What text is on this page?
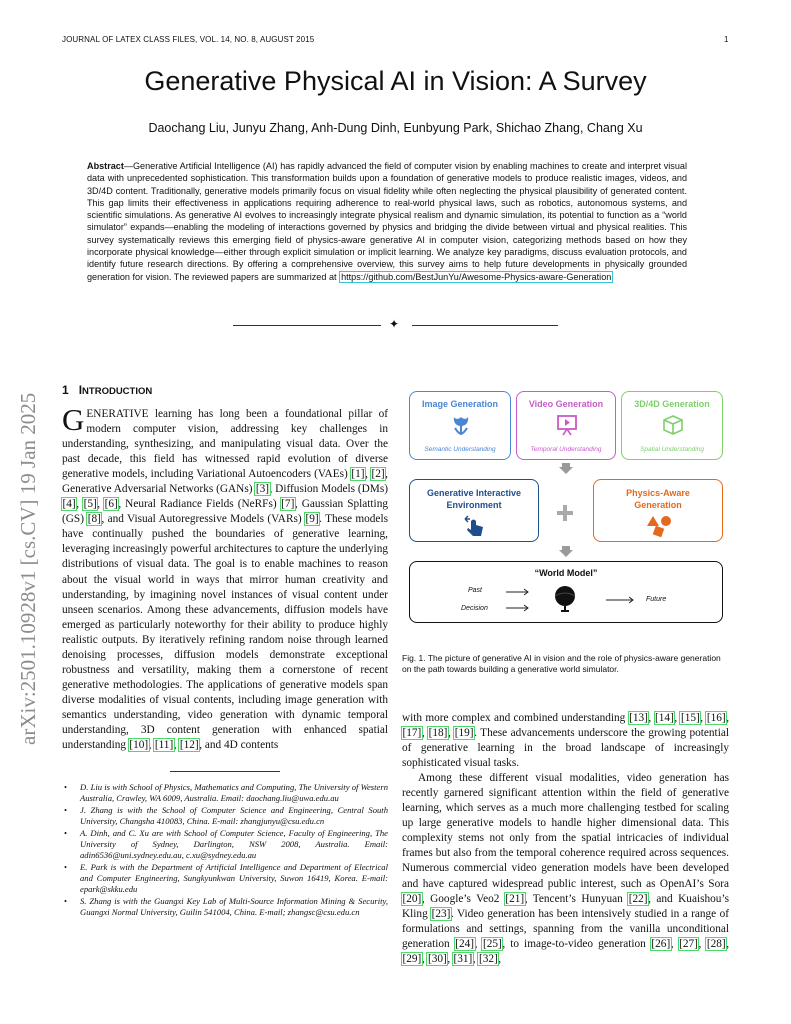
JOURNAL OF LATEX CLASS FILES, VOL. 14, NO. 8, AUGUST 2015	1
Generative Physical AI in Vision: A Survey
Daochang Liu, Junyu Zhang, Anh-Dung Dinh, Eunbyung Park, Shichao Zhang, Chang Xu
Abstract—Generative Artificial Intelligence (AI) has rapidly advanced the field of computer vision by enabling machines to create and interpret visual data with unprecedented sophistication. This transformation builds upon a foundation of generative models to produce realistic images, videos, and 3D/4D content. Traditionally, generative models primarily focus on visual fidelity while often neglecting the physical plausibility of generated content. This gap limits their effectiveness in applications requiring adherence to real-world physical laws, such as robotics, autonomous systems, and scientific simulations. As generative AI evolves to increasingly integrate physical realism and dynamic simulation, its potential to function as a “world simulator” expands—enabling the modeling of interactions governed by physics and bridging the divide between virtual and physical realities. This survey systematically reviews this emerging field of physics-aware generative AI in computer vision, categorizing methods based on how they incorporate physical knowledge—either through explicit simulation or implicit learning. We analyze key paradigms, discuss evaluation protocols, and identify future research directions. By offering a comprehensive overview, this survey aims to help future developments in physically grounded generation for vision. The reviewed papers are summarized at https://github.com/BestJunYu/Awesome-Physics-aware-Generation
✦
arXiv:2501.10928v1 [cs.CV] 19 Jan 2025
1 INTRODUCTION
GENERATIVE learning has long been a foundational pillar of modern computer vision, addressing key challenges in understanding, synthesizing, and manipulating visual data. Over the past decade, this field has witnessed rapid evolution of diverse generative models, including Variational Autoencoders (VAEs) [1], [2], Generative Adversarial Networks (GANs) [3], Diffusion Models (DMs) [4], [5], [6], Neural Radiance Fields (NeRFs) [7], Gaussian Splatting (GS) [8], and Visual Autoregressive Models (VARs) [9]. These models have continually pushed the boundaries of generative learning, leveraging increasingly powerful architectures to capture the underlying distributions of visual data. The goal is to enable machines to reason about the visual world in ways that mirror human creativity and understanding, by imagining novel instances of visual content under unseen scenarios. Among these advancements, diffusion models have emerged as particularly noteworthy for their ability to produce highly realistic outputs. By iteratively refining random noise through learned denoising processes, diffusion models demonstrate exceptional robustness and versatility, making them a cornerstone of recent generative methodologies. The applications of generative models span diverse modalities of visual contents, including image generation with semantics understanding, video generation with dynamic temporal understanding, 3D content generation with enhanced spatial understanding [10], [11], [12], and 4D contents
• D. Liu is with School of Physics, Mathematics and Computing, The University of Western Australia, Crawley, WA 6009, Australia. Email: daochang.liu@uwa.edu.au
• J. Zhang is with the School of Computer Science and Engineering, Central South University, Changsha 410083, China. E-mail: zhangjunyu@csu.edu.cn
• A. Dinh, and C. Xu are with School of Computer Science, Faculty of Engineering, The University of Sydney, Darlington, NSW 2008, Australia. Email: adin6536@uni.sydney.edu.au, c.xu@sydney.edu.au
• E. Park is with the Department of Artificial Intelligence and Department of Electrical and Computer Engineering, Sungkyunkwan University, Suwon 16419, Korea. E-mail: epark@skku.edu
• S. Zhang is with the Guangxi Key Lab of Multi-Source Information Mining & Security, Guangxi Normal University, Guilin 541004, China. E-mail; zhangsc@csu.edu.cn
Image Generation
Semantic Understanding
Video Generation
Temporal Understanding
3D/4D Generation
Spatial Understanding
Generative Interactive
Environment
Physics-Aware
Generation
“World Model”
Past
Decision
Future
Fig. 1. The picture of generative AI in vision and the role of physics-aware generation on the path towards building a generative world simulator.
with more complex and combined understanding [13], [14], [15], [16], [17], [18], [19]. These advancements underscore the growing potential of generative learning in the broad landscape of increasingly sophisticated visual tasks.
Among these different visual modalities, video generation has recently garnered significant attention within the field of generative learning, which serves as a much more challenging testbed for scaling up large generative models to handle higher dimensional data. This complexity stems not only from the spatial intricacies of individual frames but also from the temporal coherence required across sequences. Numerous commercial video generation models have been developed and have captured widespread public interest, such as OpenAI’s Sora [20], Google’s Veo2 [21], Tencent’s Hunyuan [22], and Kuaishou’s Kling [23]. Video generation has been intensively studied in a range of formulations and settings, spanning from the vanilla unconditional generation [24], [25], to image-to-video generation [26], [27], [28], [29], [30], [31], [32],
